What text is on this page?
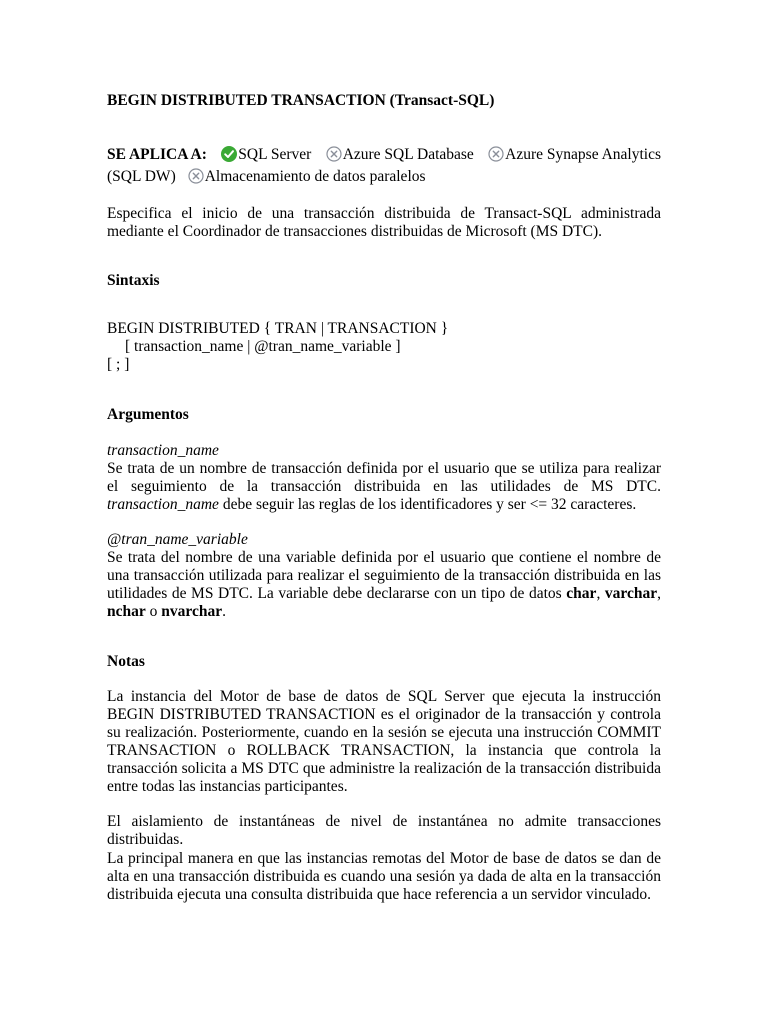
BEGIN DISTRIBUTED TRANSACTION (Transact-SQL)
SE APLICA A:	SQL Server	Azure SQL Database	Azure Synapse Analytics
(SQL DW)	Almacenamiento de datos paralelos
Especifica el inicio de una transacción distribuida de Transact-SQL administrada mediante el Coordinador de transacciones distribuidas de Microsoft (MS DTC).
Sintaxis
BEGIN DISTRIBUTED { TRAN | TRANSACTION }
[ transaction_name | @tran_name_variable ]
[ ; ]
Argumentos
transaction_name
Se trata de un nombre de transacción definida por el usuario que se utiliza para realizar el seguimiento de la transacción distribuida en las utilidades de MS DTC. transaction_name debe seguir las reglas de los identificadores y ser <= 32 caracteres.
@tran_name_variable
Se trata del nombre de una variable definida por el usuario que contiene el nombre de una transacción utilizada para realizar el seguimiento de la transacción distribuida en las utilidades de MS DTC. La variable debe declararse con un tipo de datos char, varchar, nchar o nvarchar.
Notas
La instancia del Motor de base de datos de SQL Server que ejecuta la instrucción BEGIN DISTRIBUTED TRANSACTION es el originador de la transacción y controla su realización. Posteriormente, cuando en la sesión se ejecuta una instrucción COMMIT TRANSACTION o ROLLBACK TRANSACTION, la instancia que controla la transacción solicita a MS DTC que administre la realización de la transacción distribuida entre todas las instancias participantes.
El aislamiento de instantáneas de nivel de instantánea no admite transacciones distribuidas.
La principal manera en que las instancias remotas del Motor de base de datos se dan de alta en una transacción distribuida es cuando una sesión ya dada de alta en la transacción distribuida ejecuta una consulta distribuida que hace referencia a un servidor vinculado.
